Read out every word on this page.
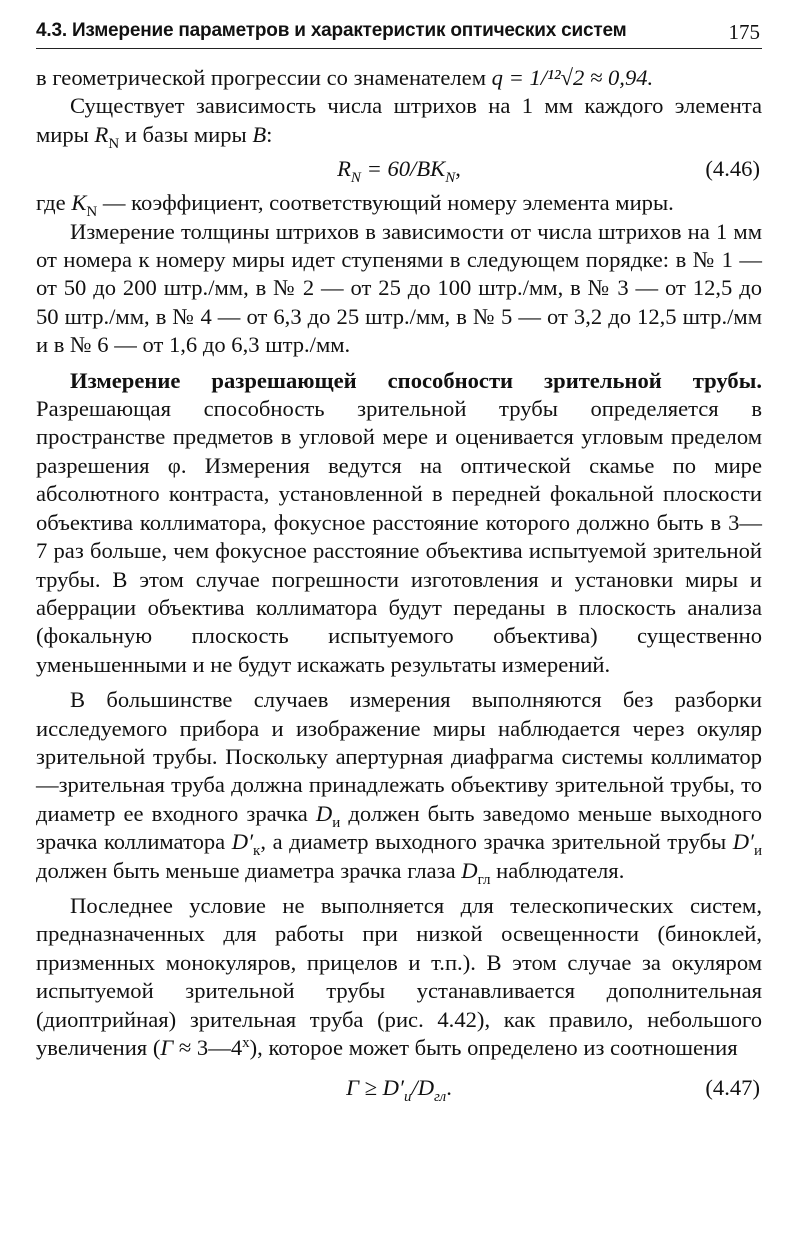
4.3. Измерение параметров и характеристик оптических систем	175

в геометрической прогрессии со знаменателем q = 1/¹²√2 ≈ 0,94.

Существует зависимость числа штрихов на 1 мм каждого элемента миры $R_N$ и базы миры B:

$R_N = 60/BK_N$,	(4.46)

где $K_N$ — коэффициент, соответствующий номеру элемента миры.

Измерение толщины штрихов в зависимости от числа штрихов на 1 мм от номера к номеру миры идет ступенями в следующем порядке: в № 1 — от 50 до 200 штр./мм, в № 2 — от 25 до 100 штр./мм, в № 3 — от 12,5 до 50 штр./мм, в № 4 — от 6,3 до 25 штр./мм, в № 5 — от 3,2 до 12,5 штр./мм и в № 6 — от 1,6 до 6,3 штр./мм.

Измерение разрешающей способности зрительной трубы. Разрешающая способность зрительной трубы определяется в пространстве предметов в угловой мере и оценивается угловым пределом разрешения φ. Измерения ведутся на оптической скамье по мире абсолютного контраста, установленной в передней фокальной плоскости объектива коллиматора, фокусное расстояние которого должно быть в 3—7 раз больше, чем фокусное расстояние объектива испытуемой зрительной трубы. В этом случае погрешности изготовления и установки миры и аберрации объектива коллиматора будут переданы в плоскость анализа (фокальную плоскость испытуемого объектива) существенно уменьшенными и не будут искажать результаты измерений.

В большинстве случаев измерения выполняются без разборки исследуемого прибора и изображение миры наблюдается через окуляр зрительной трубы. Поскольку апертурная диафрагма системы коллиматор—зрительная труба должна принадлежать объективу зрительной трубы, то диаметр ее входного зрачка $D_и$ должен быть заведомо меньше выходного зрачка коллиматора $D'_к$, а диаметр выходного зрачка зрительной трубы $D'_и$ должен быть меньше диаметра зрачка глаза $D_{гл}$ наблюдателя.

Последнее условие не выполняется для телескопических систем, предназначенных для работы при низкой освещенности (биноклей, призменных монокуляров, прицелов и т.п.). В этом случае за окуляром испытуемой зрительной трубы устанавливается дополнительная (диоптрийная) зрительная труба (рис. 4.42), как правило, небольшого увеличения $(Г \approx 3—4^х)$, которое может быть определено из соотношения

$Г \ge D'_и/D_{гл}$.	(4.47)
